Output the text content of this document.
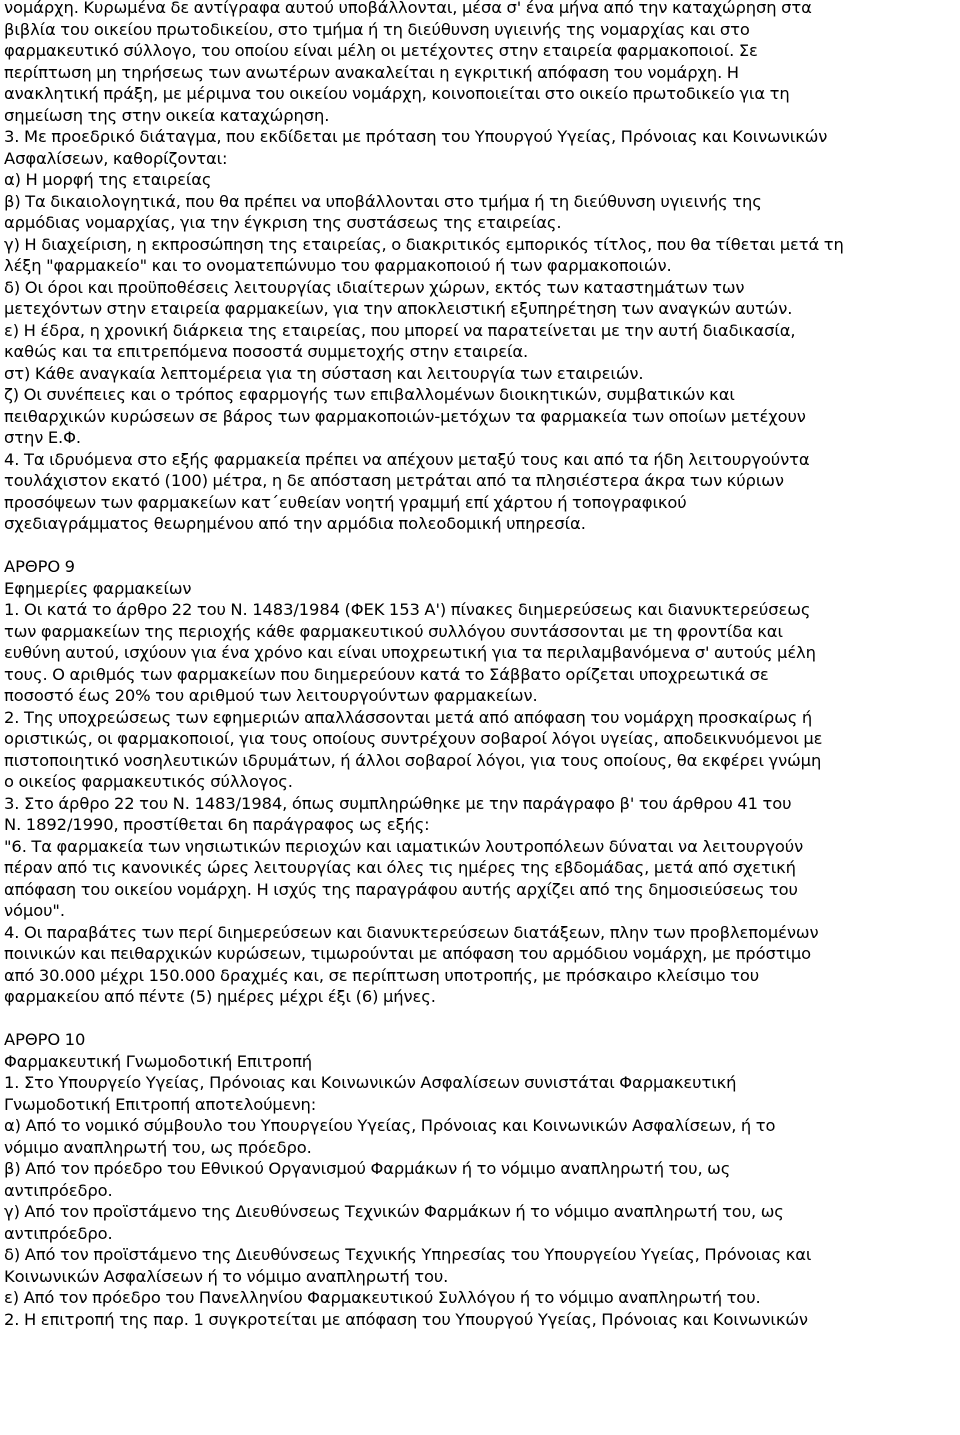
νομάρχη. Κυρωμένα δε αντίγραφα αυτού υποβάλλονται, μέσα σ' ένα μήνα από την καταχώρηση στα
βιβλία του οικείου πρωτοδικείου, στο τμήμα ή τη διεύθυνση υγιεινής της νομαρχίας και στο
φαρμακευτικό σύλλογο, του οποίου είναι μέλη οι μετέχοντες στην εταιρεία φαρμακοποιοί. Σε
περίπτωση μη τηρήσεως των ανωτέρων ανακαλείται η εγκριτική απόφαση του νομάρχη. Η
ανακλητική πράξη, με μέριμνα του οικείου νομάρχη, κοινοποιείται στο οικείο πρωτοδικείο για τη
σημείωση της στην οικεία καταχώρηση.
3. Με προεδρικό διάταγμα, που εκδίδεται με πρόταση του Υπουργού Υγείας, Πρόνοιας και Κοινωνικών
Ασφαλίσεων, καθορίζονται:
α) Η μορφή της εταιρείας
β) Τα δικαιολογητικά, που θα πρέπει να υποβάλλονται στο τμήμα ή τη διεύθυνση υγιεινής της
αρμόδιας νομαρχίας, για την έγκριση της συστάσεως της εταιρείας.
γ) Η διαχείριση, η εκπροσώπηση της εταιρείας, ο διακριτικός εμπορικός τίτλος, που θα τίθεται μετά τη
λέξη "φαρμακείο" και το ονοματεπώνυμο του φαρμακοποιού ή των φαρμακοποιών.
δ) Οι όροι και προϋποθέσεις λειτουργίας ιδιαίτερων χώρων, εκτός των καταστημάτων των
μετεχόντων στην εταιρεία φαρμακείων, για την αποκλειστική εξυπηρέτηση των αναγκών αυτών.
ε) Η έδρα, η χρονική διάρκεια της εταιρείας, που μπορεί να παρατείνεται με την αυτή διαδικασία,
καθώς και τα επιτρεπόμενα ποσοστά συμμετοχής στην εταιρεία.
στ) Κάθε αναγκαία λεπτομέρεια για τη σύσταση και λειτουργία των εταιρειών.
ζ) Οι συνέπειες και ο τρόπος εφαρμογής των επιβαλλομένων διοικητικών, συμβατικών και
πειθαρχικών κυρώσεων σε βάρος των φαρμακοποιών-μετόχων τα φαρμακεία των οποίων μετέχουν
στην Ε.Φ.
4. Τα ιδρυόμενα στο εξής φαρμακεία πρέπει να απέχουν μεταξύ τους και από τα ήδη λειτουργούντα
τουλάχιστον εκατό (100) μέτρα, η δε απόσταση μετράται από τα πλησιέστερα άκρα των κύριων
προσόψεων των φαρμακείων κατ΄ευθείαν νοητή γραμμή επί χάρτου ή τοπογραφικού
σχεδιαγράμματος θεωρημένου από την αρμόδια πολεοδομική υπηρεσία.
ΑΡΘΡΟ 9
Εφημερίες φαρμακείων
1. Οι κατά το άρθρο 22 του Ν. 1483/1984 (ΦΕΚ 153 Α') πίνακες διημερεύσεως και διανυκτερεύσεως
των φαρμακείων της περιοχής κάθε φαρμακευτικού συλλόγου συντάσσονται με τη φροντίδα και
ευθύνη αυτού, ισχύουν για ένα χρόνο και είναι υποχρεωτική για τα περιλαμβανόμενα σ' αυτούς μέλη
τους. Ο αριθμός των φαρμακείων που διημερεύουν κατά το Σάββατο ορίζεται υποχρεωτικά σε
ποσοστό έως 20% του αριθμού των λειτουργούντων φαρμακείων.
2. Της υποχρεώσεως των εφημεριών απαλλάσσονται μετά από απόφαση του νομάρχη προσκαίρως ή
οριστικώς, οι φαρμακοποιοί, για τους οποίους συντρέχουν σοβαροί λόγοι υγείας, αποδεικνυόμενοι με
πιστοποιητικό νοσηλευτικών ιδρυμάτων, ή άλλοι σοβαροί λόγοι, για τους οποίους, θα εκφέρει γνώμη
ο οικείος φαρμακευτικός σύλλογος.
3. Στο άρθρο 22 του Ν. 1483/1984, όπως συμπληρώθηκε με την παράγραφο β' του άρθρου 41 του
Ν. 1892/1990, προστίθεται 6η παράγραφος ως εξής:
"6. Τα φαρμακεία των νησιωτικών περιοχών και ιαματικών λουτροπόλεων δύναται να λειτουργούν
πέραν από τις κανονικές ώρες λειτουργίας και όλες τις ημέρες της εβδομάδας, μετά από σχετική
απόφαση του οικείου νομάρχη. Η ισχύς της παραγράφου αυτής αρχίζει από της δημοσιεύσεως του
νόμου".
4. Οι παραβάτες των περί διημερεύσεων και διανυκτερεύσεων διατάξεων, πλην των προβλεπομένων
ποινικών και πειθαρχικών κυρώσεων, τιμωρούνται με απόφαση του αρμόδιου νομάρχη, με πρόστιμο
από 30.000 μέχρι 150.000 δραχμές και, σε περίπτωση υποτροπής, με πρόσκαιρο κλείσιμο του
φαρμακείου από πέντε (5) ημέρες μέχρι έξι (6) μήνες.
ΑΡΘΡΟ 10
Φαρμακευτική Γνωμοδοτική Επιτροπή
1. Στο Υπουργείο Υγείας, Πρόνοιας και Κοινωνικών Ασφαλίσεων συνιστάται Φαρμακευτική
Γνωμοδοτική Επιτροπή αποτελούμενη:
α) Από το νομικό σύμβουλο του Υπουργείου Υγείας, Πρόνοιας και Κοινωνικών Ασφαλίσεων, ή το
νόμιμο αναπληρωτή του, ως πρόεδρο.
β) Από τον πρόεδρο του Εθνικού Οργανισμού Φαρμάκων ή το νόμιμο αναπληρωτή του, ως
αντιπρόεδρο.
γ) Από τον προϊστάμενο της Διευθύνσεως Τεχνικών Φαρμάκων ή το νόμιμο αναπληρωτή του, ως
αντιπρόεδρο.
δ) Από τον προϊστάμενο της Διευθύνσεως Τεχνικής Υπηρεσίας του Υπουργείου Υγείας, Πρόνοιας και
Κοινωνικών Ασφαλίσεων ή το νόμιμο αναπληρωτή του.
ε) Από τον πρόεδρο του Πανελληνίου Φαρμακευτικού Συλλόγου ή το νόμιμο αναπληρωτή του.
2. Η επιτροπή της παρ. 1 συγκροτείται με απόφαση του Υπουργού Υγείας, Πρόνοιας και Κοινωνικών
